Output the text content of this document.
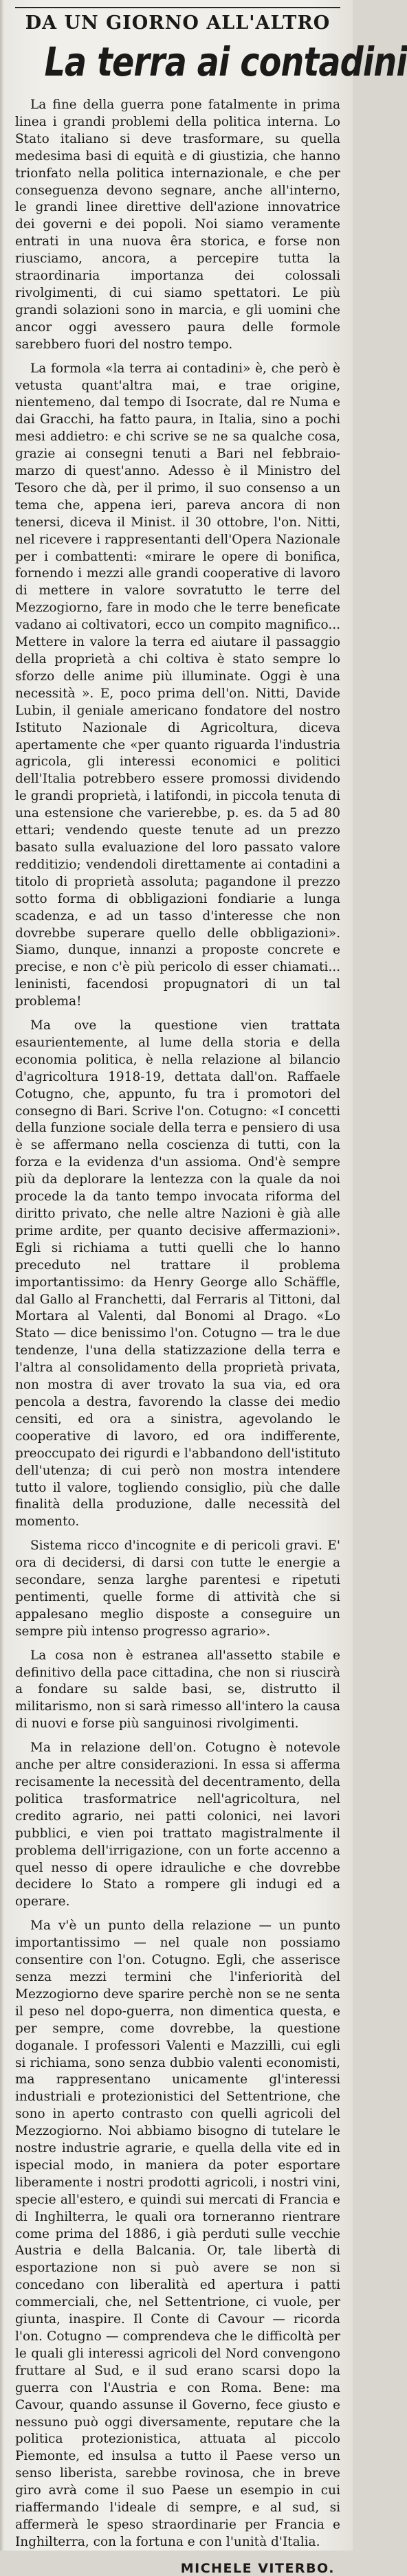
DA UN GIORNO ALL'ALTRO
La terra ai contadini

La fine della guerra pone fatalmente in prima linea i grandi problemi della politica interna. Lo Stato italiano si deve trasformare, su quella medesima basi di equità e di giustizia, che hanno trionfato nella politica internazionale, e che per conseguenza devono segnare, anche all'interno, le grandi linee direttive dell'azione innovatrice dei governi e dei popoli. Noi siamo veramente entrati in una nuova êra storica, e forse non riusciamo, ancora, a percepire tutta la straordinaria importanza dei colossali rivolgimenti, di cui siamo spettatori. Le più grandi solazioni sono in marcia, e gli uomini che ancor oggi avessero paura delle formole sarebbero fuori del nostro tempo.

La formola «la terra ai contadini» è, che però è vetusta quant'altra mai, e trae origine, nientemeno, dal tempo di Isocrate, dal re Numa e dai Gracchi, ha fatto paura, in Italia, sino a pochi mesi addietro: e chi scrive se ne sa qualche cosa, grazie ai consegni tenuti a Bari nel febbraio-marzo di quest'anno. Adesso è il Ministro del Tesoro che dà, per il primo, il suo consenso a un tema che, appena ieri, pareva ancora di non tenersi, diceva il Minist. il 30 ottobre, l'on. Nitti, nel ricevere i rappresentanti dell'Opera Nazionale per i combattenti: «mirare le opere di bonifica, fornendo i mezzi alle grandi cooperative di lavoro di mettere in valore sovratutto le terre del Mezzogiorno, fare in modo che le terre beneficate vadano ai coltivatori, ecco un compito magnifico... Mettere in valore la terra ed aiutare il passaggio della proprietà a chi coltiva è stato sempre lo sforzo delle anime più illuminate. Oggi è una necessità ». E, poco prima dell'on. Nitti, Davide Lubin, il geniale americano fondatore del nostro Istituto Nazionale di Agricoltura, diceva apertamente che «per quanto riguarda l'industria agricola, gli interessi economici e politici dell'Italia potrebbero essere promossi dividendo le grandi proprietà, i latifondi, in piccola tenuta di una estensione che varierebbe, p. es. da 5 ad 80 ettari; vendendo queste tenute ad un prezzo basato sulla evaluazione del loro passato valore redditizio; vendendoli direttamente ai contadini a titolo di proprietà assoluta; pagandone il prezzo sotto forma di obbligazioni fondiarie a lunga scadenza, e ad un tasso d'interesse che non dovrebbe superare quello delle obbligazioni». Siamo, dunque, innanzi a proposte concrete e precise, e non c'è più pericolo di esser chiamati... leninisti, facendosi propugnatori di un tal problema!

Ma ove la questione vien trattata esaurientemente, al lume della storia e della economia politica, è nella relazione al bilancio d'agricoltura 1918-19, dettata dall'on. Raffaele Cotugno, che, appunto, fu tra i promotori del consegno di Bari. Scrive l'on. Cotugno: «I concetti della funzione sociale della terra e pensiero di usa è se affermano nella coscienza di tutti, con la forza e la evidenza d'un assioma. Ond'è sempre più da deplorare la lentezza con la quale da noi procede la da tanto tempo invocata riforma del diritto privato, che nelle altre Nazioni è già alle prime ardite, per quanto decisive affermazioni». Egli si richiama a tutti quelli che lo hanno preceduto nel trattare il problema importantissimo: da Henry George allo Schäffle, dal Gallo al Franchetti, dal Ferraris al Tittoni, dal Mortara al Valenti, dal Bonomi al Drago. «Lo Stato — dice benissimo l'on. Cotugno — tra le due tendenze, l'una della statizzazione della terra e l'altra al consolidamento della proprietà privata, non mostra di aver trovato la sua via, ed ora pencola a destra, favorendo la classe dei medio censiti, ed ora a sinistra, agevolando le cooperative di lavoro, ed ora indifferente, preoccupato dei rigurdi e l'abbandono dell'istituto dell'utenza; di cui però non mostra intendere tutto il valore, togliendo consiglio, più che dalle finalità della produzione, dalle necessità del momento.

Sistema ricco d'incognite e di pericoli gravi. E' ora di decidersi, di darsi con tutte le energie a secondare, senza larghe parentesi e ripetuti pentimenti, quelle forme di attività che si appalesano meglio disposte a conseguire un sempre più intenso progresso agrario».

La cosa non è estranea all'assetto stabile e definitivo della pace cittadina, che non si riuscirà a fondare su salde basi, se, distrutto il militarismo, non si sarà rimesso all'intero la causa di nuovi e forse più sanguinosi rivolgimenti.

Ma in relazione dell'on. Cotugno è notevole anche per altre considerazioni. In essa si afferma recisamente la necessità del decentramento, della politica trasformatrice nell'agricoltura, nel credito agrario, nei patti colonici, nei lavori pubblici, e vien poi trattato magistralmente il problema dell'irrigazione, con un forte accenno a quel nesso di opere idrauliche e che dovrebbe decidere lo Stato a rompere gli indugi ed a operare.

Ma v'è un punto della relazione — un punto importantissimo — nel quale non possiamo consentire con l'on. Cotugno. Egli, che asserisce senza mezzi termini che l'inferiorità del Mezzogiorno deve sparire perchè non se ne senta il peso nel dopo-guerra, non dimentica questa, e per sempre, come dovrebbe, la questione doganale. I professori Valenti e Mazzilli, cui egli si richiama, sono senza dubbio valenti economisti, ma rappresentano unicamente gl'interessi industriali e protezionistici del Settentrione, che sono in aperto contrasto con quelli agricoli del Mezzogiorno. Noi abbiamo bisogno di tutelare le nostre industrie agrarie, e quella della vite ed in ispecial modo, in maniera da poter esportare liberamente i nostri prodotti agricoli, i nostri vini, specie all'estero, e quindi sui mercati di Francia e di Inghilterra, le quali ora torneranno rientrare come prima del 1886, i già perduti sulle vecchie Austria e della Balcania. Or, tale libertà di esportazione non si può avere se non si concedano con liberalità ed apertura i patti commerciali, che, nel Settentrione, ci vuole, per giunta, inaspire. Il Conte di Cavour — ricorda l'on. Cotugno — comprendeva che le difficoltà per le quali gli interessi agricoli del Nord convengono fruttare al Sud, e il sud erano scarsi dopo la guerra con l'Austria e con Roma. Bene: ma Cavour, quando assunse il Governo, fece giusto e nessuno può oggi diversamente, reputare che la politica protezionistica, attuata al piccolo Piemonte, ed insulsa a tutto il Paese verso un senso liberista, sarebbe rovinosa, che in breve giro avrà come il suo Paese un esempio in cui riaffermando l'ideale di sempre, e al sud, si affermerà le speso straordinarie per Francia e Inghilterra, con la fortuna e con l'unità d'Italia.

MICHELE VITERBO.
